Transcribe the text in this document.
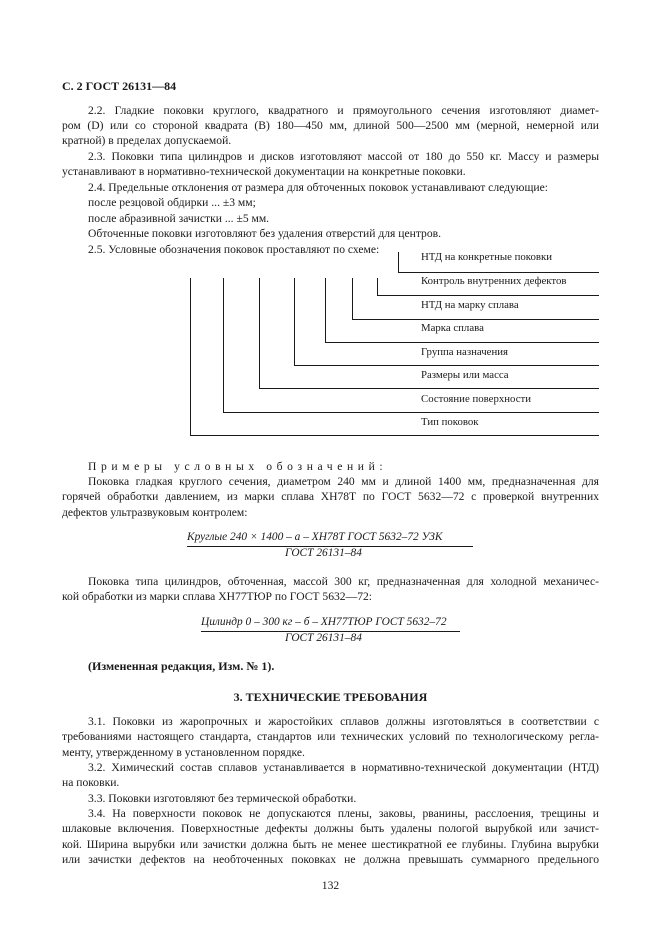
С. 2 ГОСТ 26131—84
2.2. Гладкие поковки круглого, квадратного и прямоугольного сечения изготовляют диамет-
ром (D) или со стороной квадрата (B) 180—450 мм, длиной 500—2500 мм (мерной, немерной или
кратной) в пределах допускаемой.
2.3. Поковки типа цилиндров и дисков изготовляют массой от 180 до 550 кг. Массу и размеры
устанавливают в нормативно-технической документации на конкретные поковки.
2.4. Предельные отклонения от размера для обточенных поковок устанавливают следующие:
после резцовой обдирки ... ±3 мм;
после абразивной зачистки ... ±5 мм.
Обточенные поковки изготовляют без удаления отверстий для центров.
2.5. Условные обозначения поковок проставляют по схеме:
НТД на конкретные поковки
Контроль внутренних дефектов
НТД на марку сплава
Марка сплава
Группа назначения
Размеры или масса
Состояние поверхности
Тип поковок
Примеры условных обозначений:
Поковка гладкая круглого сечения, диаметром 240 мм и длиной 1400 мм, предназначенная для
горячей обработки давлением, из марки сплава ХН78Т по ГОСТ 5632—72 с проверкой внутренних
дефектов ультразвуковым контролем:
Круглые 240 × 1400 – а – ХН78Т ГОСТ 5632–72 УЗК
ГОСТ 26131–84
Поковка типа цилиндров, обточенная, массой 300 кг, предназначенная для холодной механичес-
кой обработки из марки сплава ХН77ТЮР по ГОСТ 5632—72:
Цилиндр 0 – 300 кг – б – ХН77ТЮР ГОСТ 5632–72
ГОСТ 26131–84
(Измененная редакция, Изм. № 1).
3. ТЕХНИЧЕСКИЕ ТРЕБОВАНИЯ
3.1. Поковки из жаропрочных и жаростойких сплавов должны изготовляться в соответствии с
требованиями настоящего стандарта, стандартов или технических условий по технологическому регла-
менту, утвержденному в установленном порядке.
3.2. Химический состав сплавов устанавливается в нормативно-технической документации (НТД)
на поковки.
3.3. Поковки изготовляют без термической обработки.
3.4. На поверхности поковок не допускаются плены, заковы, рванины, расслоения, трещины и
шлаковые включения. Поверхностные дефекты должны быть удалены пологой вырубкой или зачист-
кой. Ширина вырубки или зачистки должна быть не менее шестикратной ее глубины. Глубина вырубки
или зачистки дефектов на необточенных поковках не должна превышать суммарного предельного
132
